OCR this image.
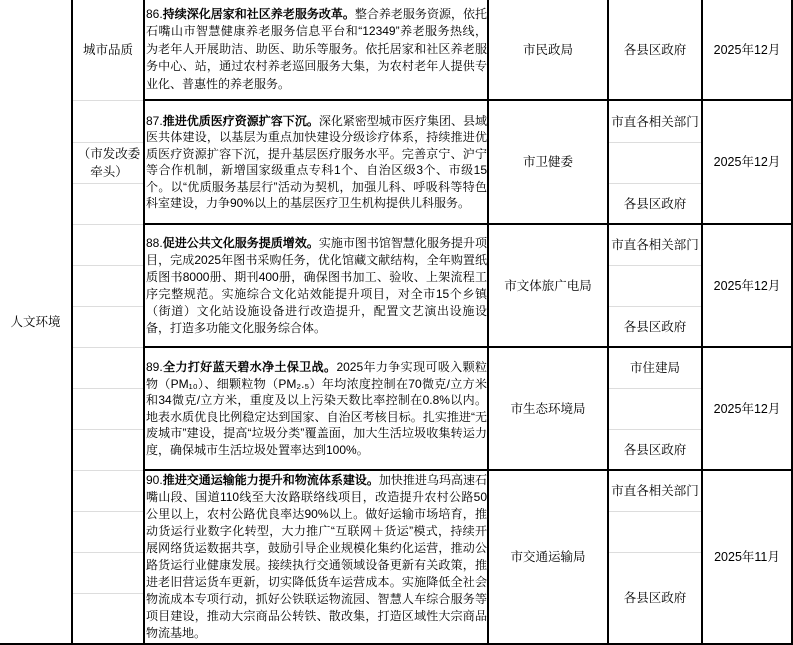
人文环境
城市品质
（市发改委牵头）
86.持续深化居家和社区养老服务改革。整合养老服务资源，依托石嘴山市智慧健康养老服务信息平台和“12349”养老服务热线，为老年人开展助洁、助医、助乐等服务。依托居家和社区养老服务中心、站，通过农村养老巡回服务大集，为农村老年人提供专业化、普惠性的养老服务。
市民政局	各县区政府	2025年12月
87.推进优质医疗资源扩容下沉。深化紧密型城市医疗集团、县域医共体建设，以基层为重点加快建设分级诊疗体系，持续推进优质医疗资源扩容下沉，提升基层医疗服务水平。完善京宁、沪宁等合作机制，新增国家级重点专科1个、自治区级3个、市级15个。以“优质服务基层行”活动为契机，加强儿科、呼吸科等特色科室建设，力争90%以上的基层医疗卫生机构提供儿科服务。
市卫健委
市直各相关部门
各县区政府
2025年12月
88.促进公共文化服务提质增效。实施市图书馆智慧化服务提升项目，完成2025年图书采购任务，优化馆藏文献结构，全年购置纸质图书8000册、期刊400册，确保图书加工、验收、上架流程工序完整规范。实施综合文化站效能提升项目，对全市15个乡镇（街道）文化站设施设备进行改造提升，配置文艺演出设施设备，打造多功能文化服务综合体。
市文体旅广电局
市直各相关部门
各县区政府
2025年12月
89.全力打好蓝天碧水净土保卫战。2025年力争实现可吸入颗粒物（PM₁₀）、细颗粒物（PM₂.₅）年均浓度控制在70微克/立方米和34微克/立方米，重度及以上污染天数比率控制在0.8%以内。地表水质优良比例稳定达到国家、自治区考核目标。扎实推进“无废城市”建设，提高“垃圾分类”覆盖面，加大生活垃圾收集转运力度，确保城市生活垃圾处置率达到100%。
市生态环境局
市住建局
各县区政府
2025年12月
90.推进交通运输能力提升和物流体系建设。加快推进乌玛高速石嘴山段、国道110线至大汝路联络线项目，改造提升农村公路50公里以上，农村公路优良率达90%以上。做好运输市场培育，推动货运行业数字化转型，大力推广“互联网＋货运”模式，持续开展网络货运数据共享，鼓励引导企业规模化集约化运营，推动公路货运行业健康发展。接续执行交通领域设备更新有关政策，推进老旧营运货车更新，切实降低货车运营成本。实施降低全社会物流成本专项行动，抓好公铁联运物流园、智慧人车综合服务等项目建设，推动大宗商品公转铁、散改集，打造区域性大宗商品物流基地。
市交通运输局
市直各相关部门
各县区政府
2025年11月
